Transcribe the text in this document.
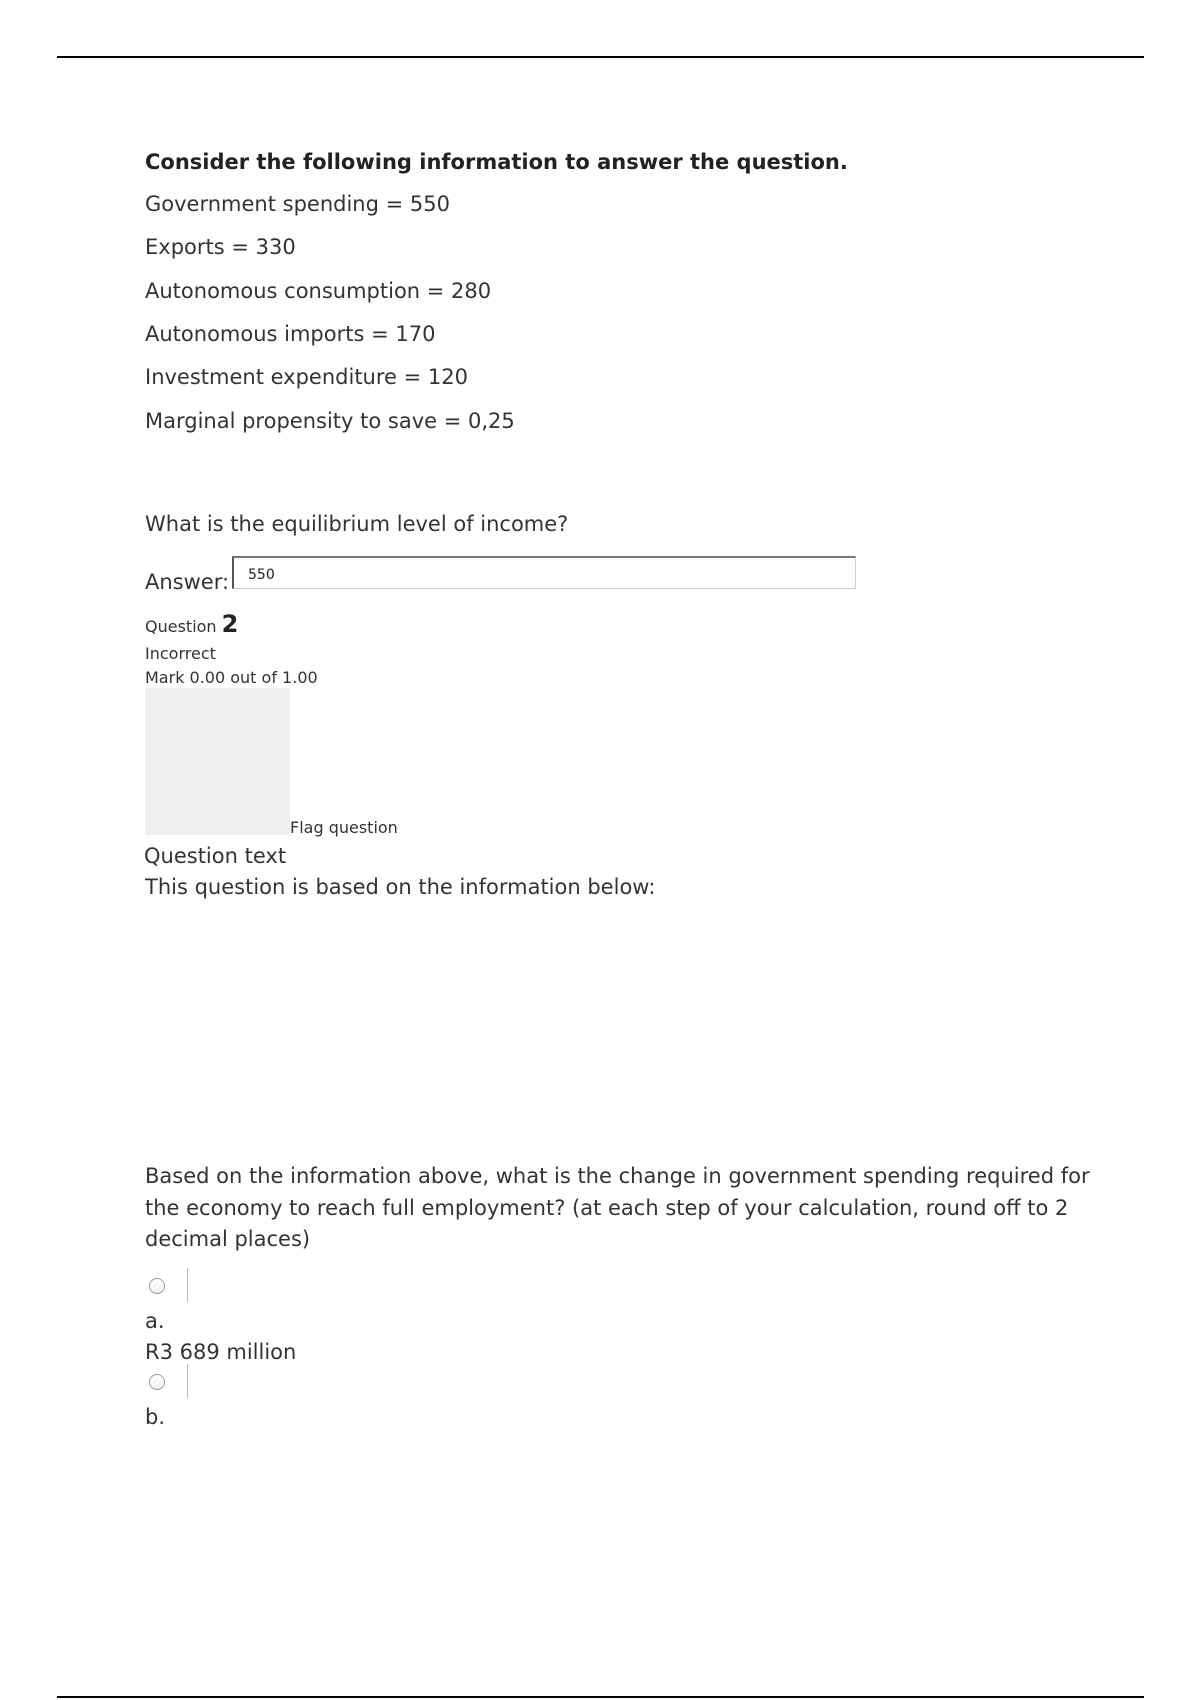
Consider the following information to answer the question.
Government spending = 550
Exports = 330
Autonomous consumption = 280
Autonomous imports = 170
Investment expenditure = 120
Marginal propensity to save = 0,25
What is the equilibrium level of income?
Answer:
550
Question 2
Incorrect
Mark 0.00 out of 1.00
Flag question
Question text
This question is based on the information below:
Based on the information above, what is the change in government spending required for
the economy to reach full employment? (at each step of your calculation, round off to 2
decimal places)
a.
R3 689 million
b.
